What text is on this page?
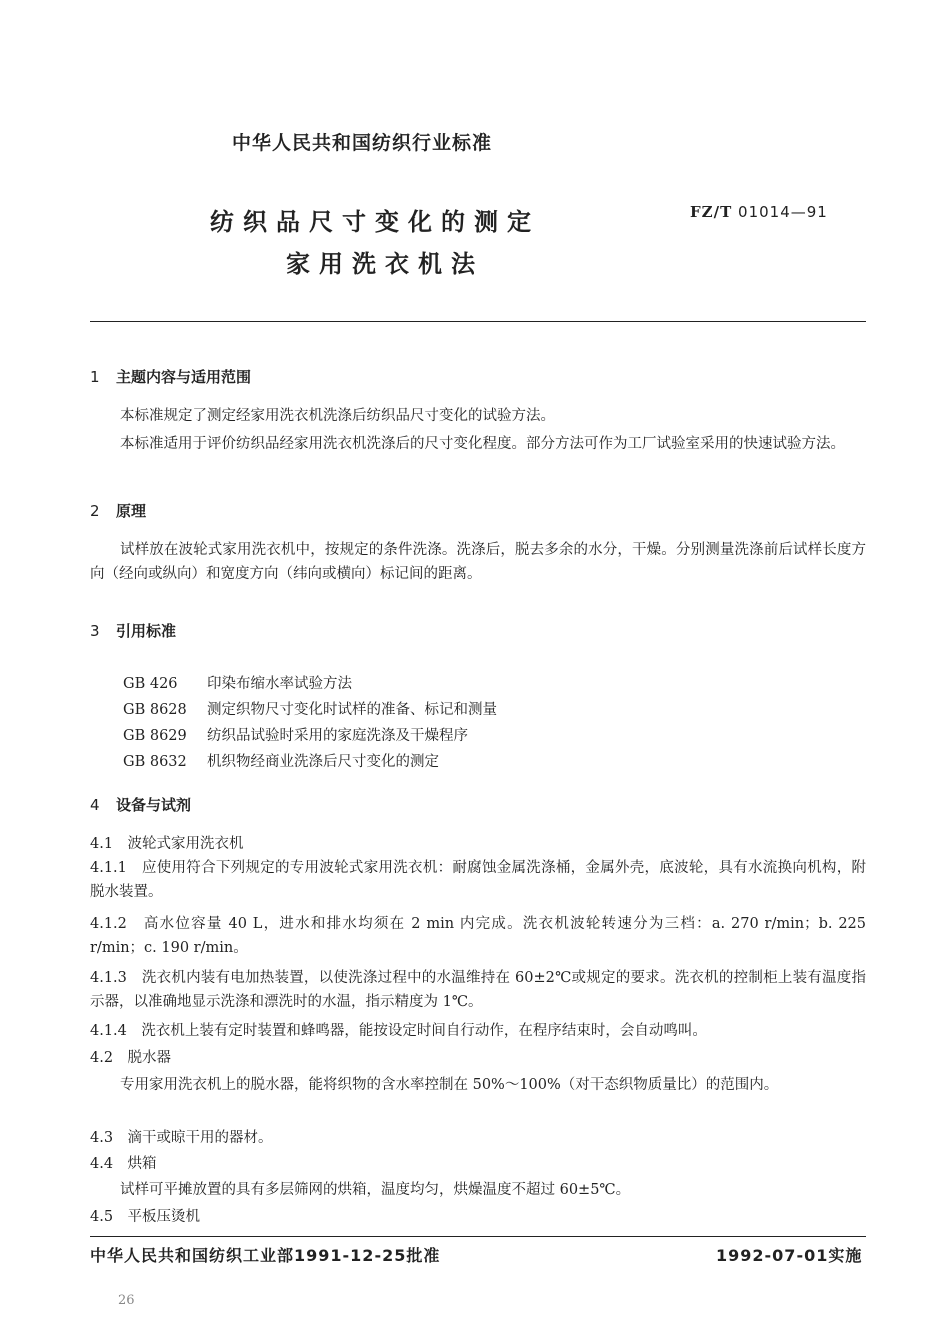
中华人民共和国纺织行业标准
纺织品尺寸变化的测定
家用洗衣机法
FZ/T 01014—91
1 主题内容与适用范围
本标准规定了测定经家用洗衣机洗涤后纺织品尺寸变化的试验方法。
本标准适用于评价纺织品经家用洗衣机洗涤后的尺寸变化程度。部分方法可作为工厂试验室采用的快速试验方法。
2 原理
试样放在波轮式家用洗衣机中，按规定的条件洗涤。洗涤后，脱去多余的水分，干燥。分别测量洗涤前后试样长度方向（经向或纵向）和宽度方向（纬向或横向）标记间的距离。
3 引用标准
GB 426 印染布缩水率试验方法
GB 8628 测定织物尺寸变化时试样的准备、标记和测量
GB 8629 纺织品试验时采用的家庭洗涤及干燥程序
GB 8632 机织物经商业洗涤后尺寸变化的测定
4 设备与试剂
4.1　波轮式家用洗衣机
4.1.1　应使用符合下列规定的专用波轮式家用洗衣机：耐腐蚀金属洗涤桶，金属外壳，底波轮，具有水流换向机构，附脱水装置。
4.1.2　高水位容量 40 L，进水和排水均须在 2 min 内完成。洗衣机波轮转速分为三档：a. 270 r/min；b. 225 r/min；c. 190 r/min。
4.1.3　洗衣机内装有电加热装置，以使洗涤过程中的水温维持在 60±2℃或规定的要求。洗衣机的控制柜上装有温度指示器，以准确地显示洗涤和漂洗时的水温，指示精度为 1℃。
4.1.4　洗衣机上装有定时装置和蜂鸣器，能按设定时间自行动作，在程序结束时，会自动鸣叫。
4.2　脱水器
专用家用洗衣机上的脱水器，能将织物的含水率控制在 50%～100%（对干态织物质量比）的范围内。
4.3　滴干或晾干用的器材。
4.4　烘箱
试样可平摊放置的具有多层筛网的烘箱，温度均匀，烘燥温度不超过 60±5℃。
4.5　平板压烫机
中华人民共和国纺织工业部1991-12-25批准	1992-07-01实施
26
